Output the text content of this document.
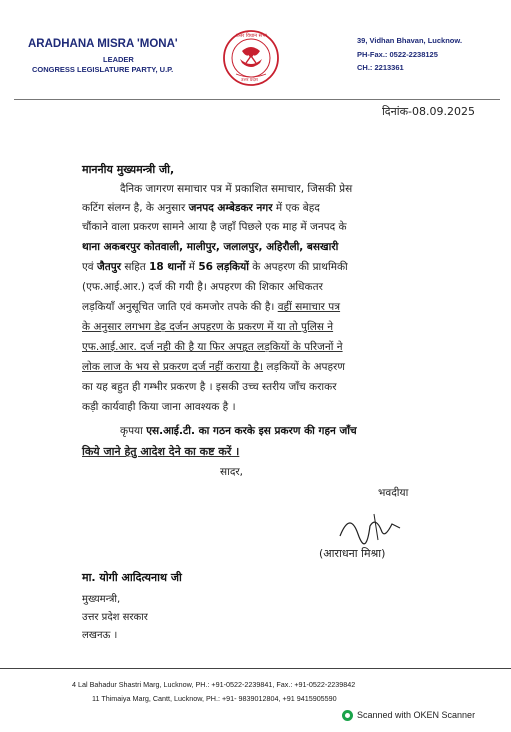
ARADHANA MISRA 'MONA'
LEADER
CONGRESS LEGISLATURE PARTY, U.P.
उत्तर विधान सभा
उत्तर प्रदेश
39, Vidhan Bhavan, Lucknow.
PH-Fax.: 0522-2238125
CH.: 2213361
दिनांक-08.09.2025
माननीय मुख्यमन्त्री जी,
दैनिक जागरण समाचार पत्र में प्रकाशित समाचार, जिसकी प्रेस
कटिंग संलग्न है, के अनुसार जनपद अम्बेडकर नगर में एक बेहद
चौंकाने वाला प्रकरण सामने आया है जहाँ पिछले एक माह में जनपद के
थाना अकबरपुर कोतवाली, मालीपुर, जलालपुर, अहिरौली, बसखारी
एवं जैतपुर सहित 18 थानों में 56 लड़कियों के अपहरण की प्राथमिकी
(एफ.आई.आर.) दर्ज की गयी है। अपहरण की शिकार अधिकतर
लड़कियाँ अनुसूचित जाति एवं कमजोर तपके की है। वहीं समाचार पत्र
के अनुसार लगभग डेढ़ दर्जन अपहरण के प्रकरण में या तो पुलिस ने
एफ.आई.आर. दर्ज नही की है या फिर अपहृत लड़कियों के परिजनों ने
लोक लाज के भय से प्रकरण दर्ज नहीं कराया है। लड़कियों के अपहरण
का यह बहुत ही गम्भीर प्रकरण है । इसकी उच्च स्तरीय जाँच कराकर
कड़ी कार्यवाही किया जाना आवश्यक है ।
कृपया एस.आई.टी. का गठन करके इस प्रकरण की गहन जाँच
किये जाने हेतु आदेश देने का कष्ट करें ।
सादर,
भवदीया
(आराधना मिश्रा)
मा. योगी आदित्यनाथ जी
मुख्यमन्त्री,
उत्तर प्रदेश सरकार
लखनऊ ।
4 Lal Bahadur Shastri Marg, Lucknow, PH.: +91-0522-2239841, Fax.: +91-0522-2239842
11 Thimaiya Marg, Cantt, Lucknow, PH.: +91- 9839012804, +91 9415905590
Scanned with OKEN Scanner
